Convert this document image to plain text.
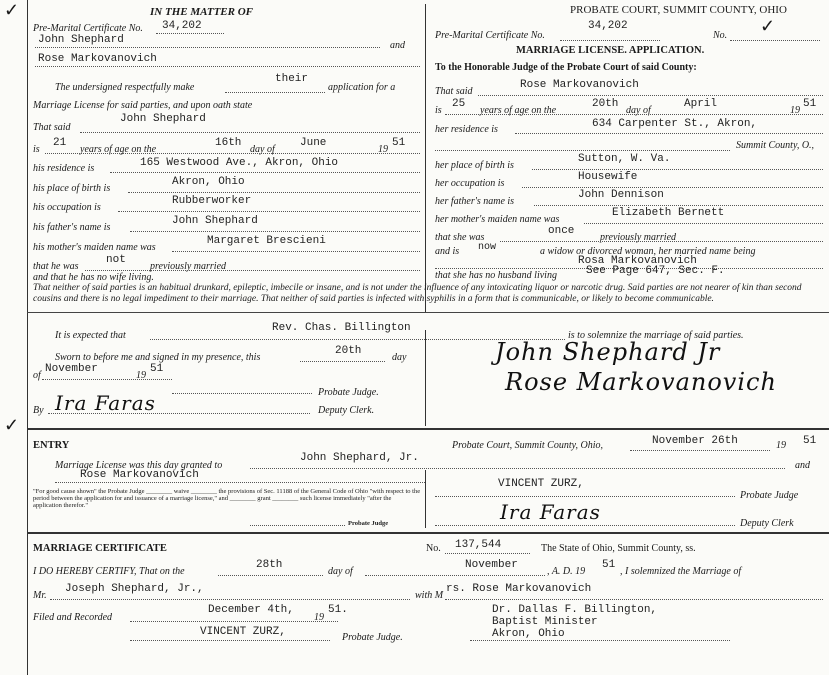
✓
✓
IN THE MATTER OF
Pre-Marital Certificate No. 34,202
John Shephard	and
Rose Markovanovich
The undersigned respectfully make
their
application for a
Marriage License for said parties, and upon oath state
That said
John Shephard
is
21
years of age on the
16th
day of
June
19
51
his residence is	165 Westwood Ave., Akron, Ohio
his place of birth is
Akron, Ohio
his occupation is
Rubberworker
his father's name is
John Shephard
his mother's maiden name was
Margaret Brescieni
that he was
not
previously married
and that he has no wife living.
PROBATE COURT, SUMMIT COUNTY, OHIO
Pre-Marital Certificate No.
34,202
No. ✓
MARRIAGE LICENSE. APPLICATION.
To the Honorable Judge of the Probate Court of said County:
That said
Rose Markovanovich
is
25
years of age on the
20th
day of
April
19
51
her residence is	634 Carpenter St., Akron,
Summit County, O.,
her place of birth is
Sutton, W. Va.
her occupation is
Housewife
her father's name is
John Dennison
her mother's maiden name was
Elizabeth Bernett
that she was
once
previously married
and is now	a widow or divorced woman, her married name being
Rosa Markovanovich
that she has no husband living	See Page 647, Sec. F.
That neither of said parties is an habitual drunkard, epileptic, imbecile or insane, and is not under the influence of any intoxicating liquor or narcotic drug. Said parties are not nearer of kin than second cousins and there is no legal impediment to their marriage. That neither of said parties is infected with syphilis in a form that is communicable, or likely to become communicable.
It is expected that
Rev. Chas. Billington
is to solemnize the marriage of said parties.
Sworn to before me and signed in my presence, this
20th
day
of
November
19
51
Probate Judge.
By Ira Faras	Deputy Clerk.
John Shephard Jr
Rose Markovanovich
ENTRY	Probate Court, Summit County, Ohio,	November 26th	19 51
Marriage License was this day granted to
John Shephard, Jr.
and
Rose Markovanovich
"For good cause shown" the Probate Judge ________ waive ________ the provisions of Sec. 11188 of the General Code of Ohio "with respect to the period between the application for and issuance of a marriage license," and ________ grant ________ such license immediately "after the application therefor."
Probate Judge
VINCENT ZURZ,
Probate Judge
Ira Faras	Deputy Clerk
MARRIAGE CERTIFICATE	No. 137,544	The State of Ohio, Summit County, ss.
I DO HEREBY CERTIFY, That on the
28th
day of
November
, A. D. 19
51
, I solemnized the Marriage of
Mr.
Joseph Shephard, Jr.,
with M
rs. Rose Markovanovich
Filed and Recorded
December 4th,
19
51.	Dr. Dallas F. Billington,
Baptist Minister
Akron, Ohio
VINCENT ZURZ,	Probate Judge.
